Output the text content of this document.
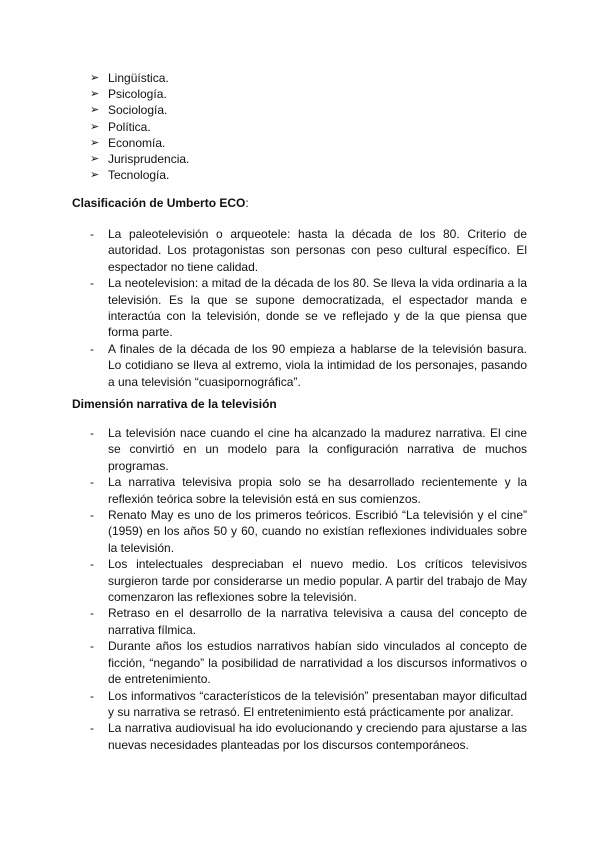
➢ Lingüística.
➢ Psicología.
➢ Sociología.
➢ Política.
➢ Economía.
➢ Jurisprudencia.
➢ Tecnología.
Clasificación de Umberto ECO:
- La paleotelevisión o arqueotele: hasta la década de los 80. Criterio de autoridad. Los protagonistas son personas con peso cultural específico. El espectador no tiene calidad.
- La neotelevision: a mitad de la década de los 80. Se lleva la vida ordinaria a la televisión. Es la que se supone democratizada, el espectador manda e interactúa con la televisión, donde se ve reflejado y de la que piensa que forma parte.
- A finales de la década de los 90 empieza a hablarse de la televisión basura. Lo cotidiano se lleva al extremo, viola la intimidad de los personajes, pasando a una televisión “cuasipornográfica”.
Dimensión narrativa de la televisión
- La televisión nace cuando el cine ha alcanzado la madurez narrativa. El cine se convirtió en un modelo para la configuración narrativa de muchos programas.
- La narrativa televisiva propia solo se ha desarrollado recientemente y la reflexión teórica sobre la televisión está en sus comienzos.
- Renato May es uno de los primeros teóricos. Escribió “La televisión y el cine” (1959) en los años 50 y 60, cuando no existían reflexiones individuales sobre la televisión.
- Los intelectuales despreciaban el nuevo medio. Los críticos televisivos surgieron tarde por considerarse un medio popular. A partir del trabajo de May comenzaron las reflexiones sobre la televisión.
- Retraso en el desarrollo de la narrativa televisiva a causa del concepto de narrativa fílmica.
- Durante años los estudios narrativos habían sido vinculados al concepto de ficción, “negando” la posibilidad de narratividad a los discursos informativos o de entretenimiento.
- Los informativos “característicos de la televisión” presentaban mayor dificultad y su narrativa se retrasó. El entretenimiento está prácticamente por analizar.
- La narrativa audiovisual ha ido evolucionando y creciendo para ajustarse a las nuevas necesidades planteadas por los discursos contemporáneos.
